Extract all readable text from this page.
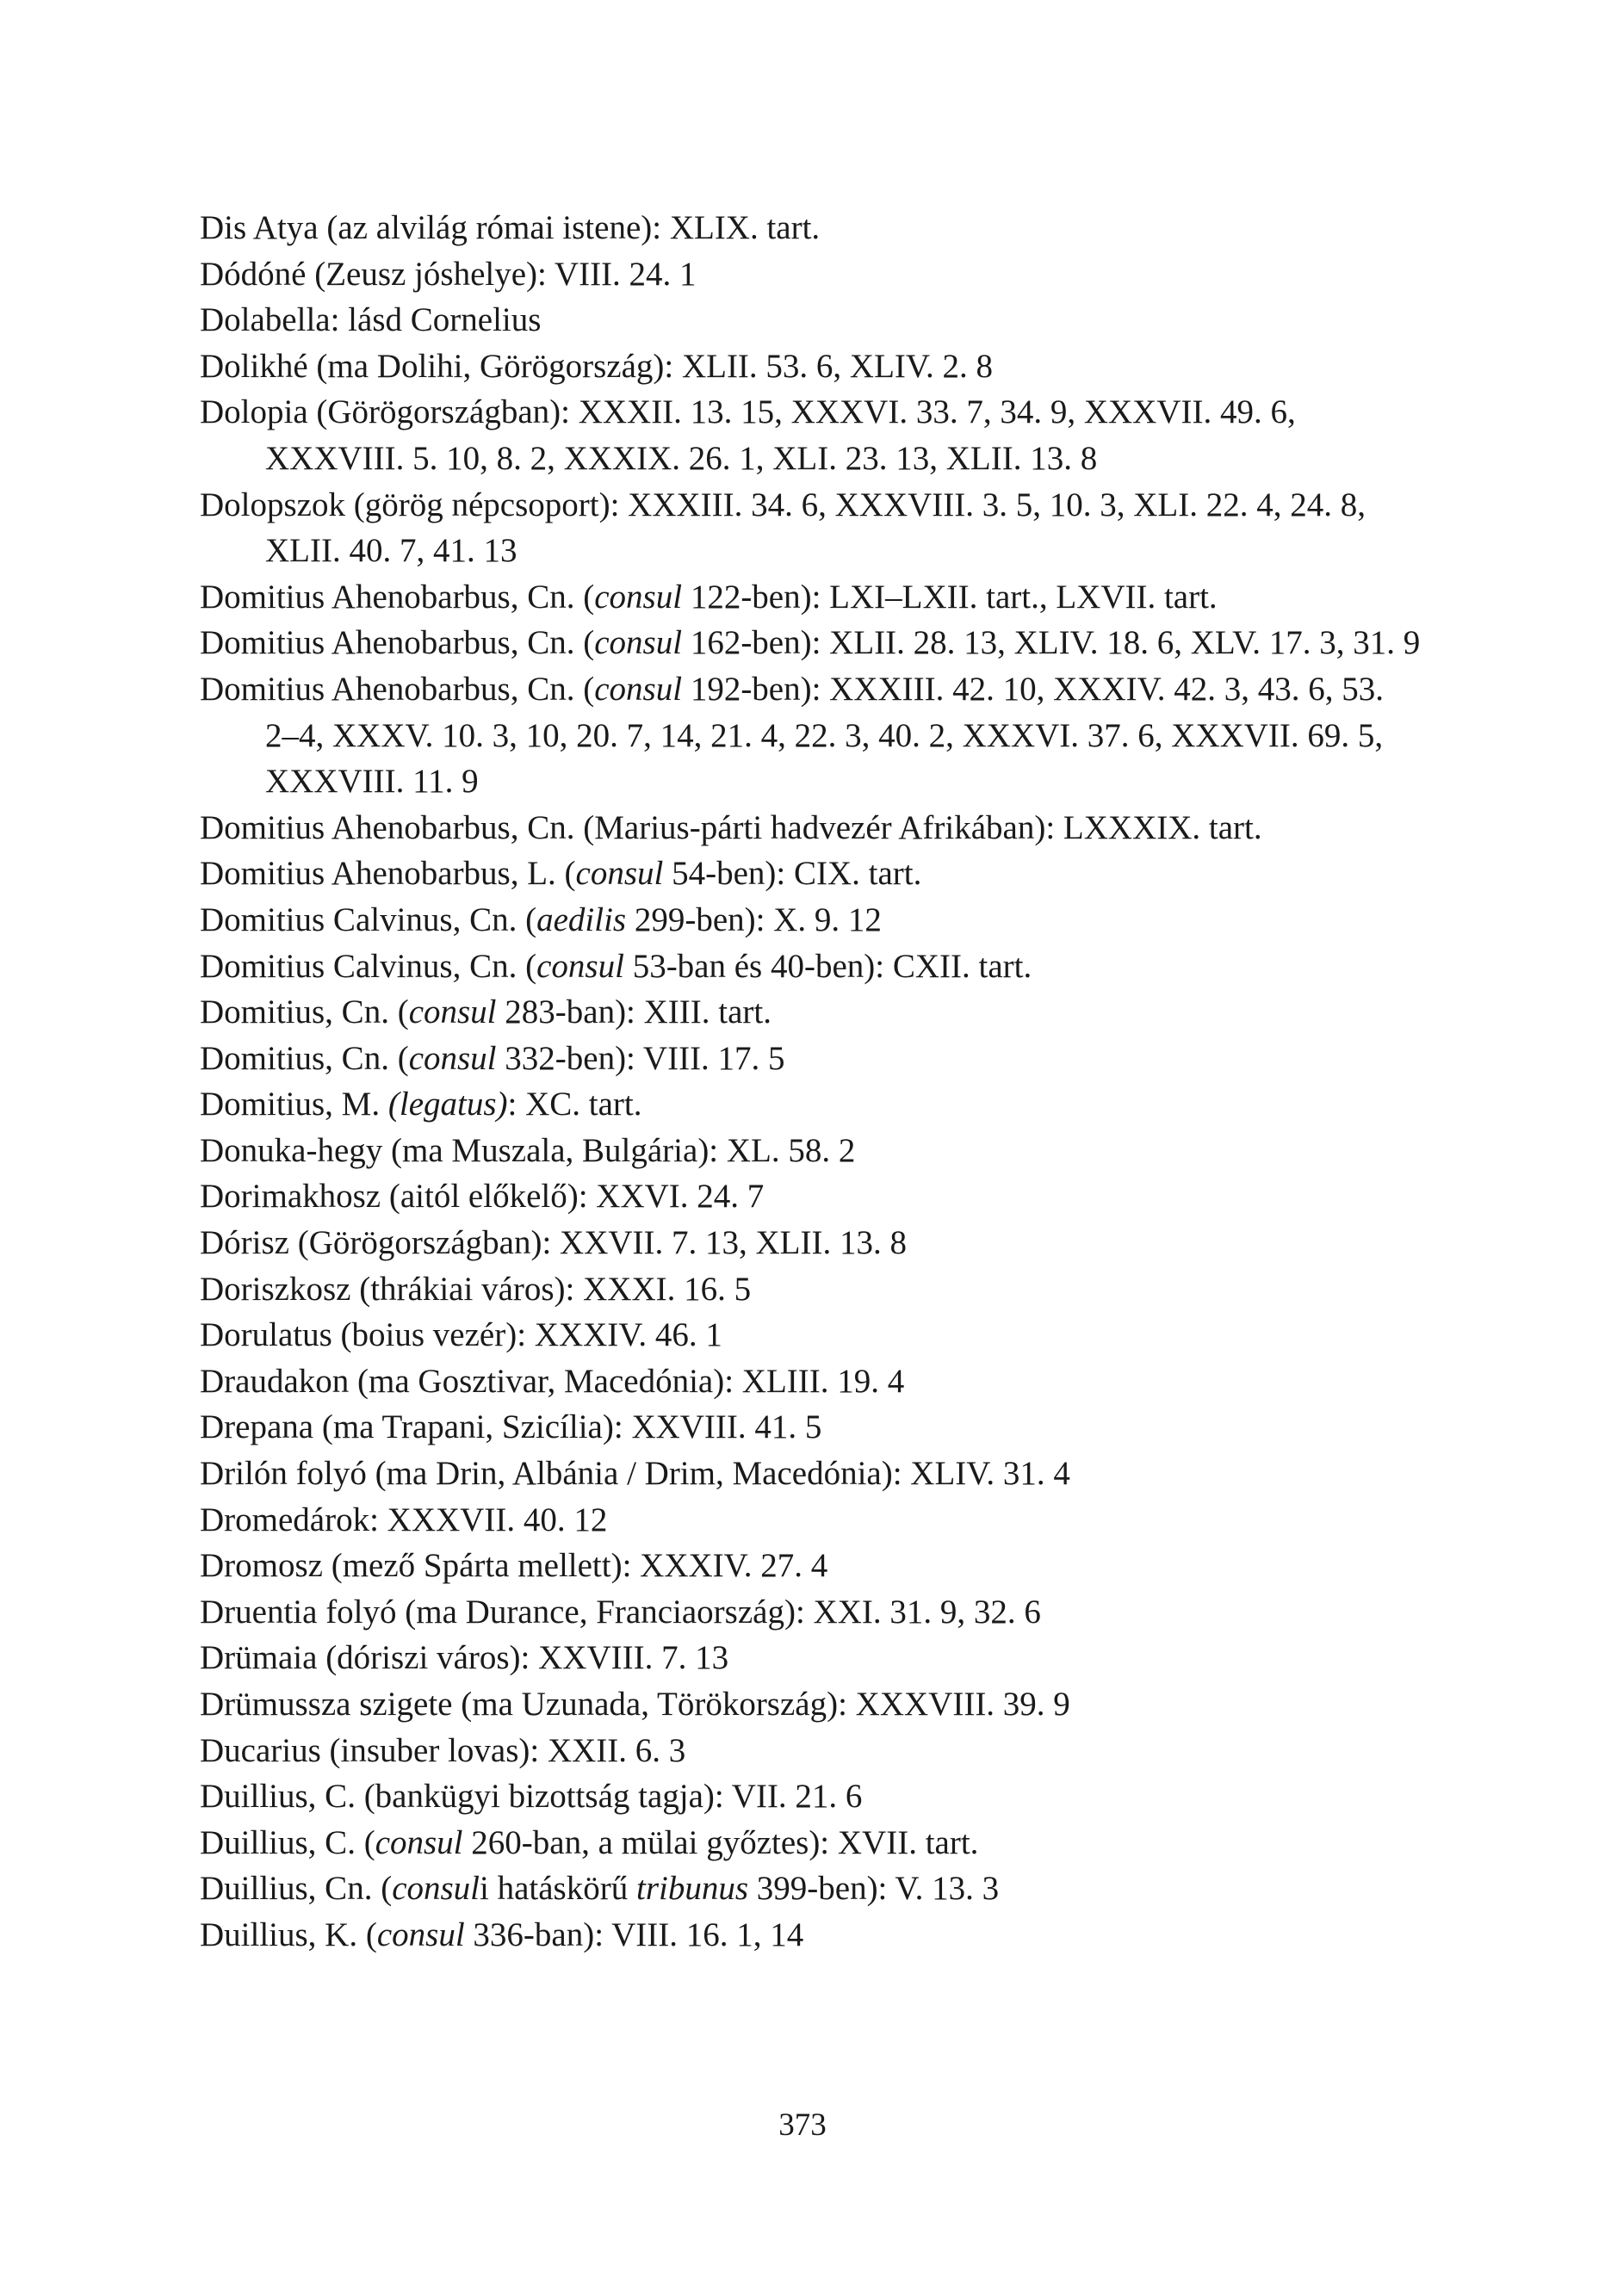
Dis Atya (az alvilág római istene): XLIX. tart.
Dódóné (Zeusz jóshelye): VIII. 24. 1
Dolabella: lásd Cornelius
Dolikhé (ma Dolihi, Görögország): XLII. 53. 6, XLIV. 2. 8
Dolopia (Görögországban): XXXII. 13. 15, XXXVI. 33. 7, 34. 9, XXXVII. 49. 6, XXXVIII. 5. 10, 8. 2, XXXIX. 26. 1, XLI. 23. 13, XLII. 13. 8
Dolopszok (görög népcsoport): XXXIII. 34. 6, XXXVIII. 3. 5, 10. 3, XLI. 22. 4, 24. 8, XLII. 40. 7, 41. 13
Domitius Ahenobarbus, Cn. (consul 122-ben): LXI–LXII. tart., LXVII. tart.
Domitius Ahenobarbus, Cn. (consul 162-ben): XLII. 28. 13, XLIV. 18. 6, XLV. 17. 3, 31. 9
Domitius Ahenobarbus, Cn. (consul 192-ben): XXXIII. 42. 10, XXXIV. 42. 3, 43. 6, 53. 2–4, XXXV. 10. 3, 10, 20. 7, 14, 21. 4, 22. 3, 40. 2, XXXVI. 37. 6, XXXVII. 69. 5, XXXVIII. 11. 9
Domitius Ahenobarbus, Cn. (Marius-párti hadvezér Afrikában): LXXXIX. tart.
Domitius Ahenobarbus, L. (consul 54-ben): CIX. tart.
Domitius Calvinus, Cn. (aedilis 299-ben): X. 9. 12
Domitius Calvinus, Cn. (consul 53-ban és 40-ben): CXII. tart.
Domitius, Cn. (consul 283-ban): XIII. tart.
Domitius, Cn. (consul 332-ben): VIII. 17. 5
Domitius, M. (legatus): XC. tart.
Donuka-hegy (ma Muszala, Bulgária): XL. 58. 2
Dorimakhosz (aitól előkelő): XXVI. 24. 7
Dórisz (Görögországban): XXVII. 7. 13, XLII. 13. 8
Doriszkosz (thrákiai város): XXXI. 16. 5
Dorulatus (boius vezér): XXXIV. 46. 1
Draudakon (ma Gosztivar, Macedónia): XLIII. 19. 4
Drepana (ma Trapani, Szicília): XXVIII. 41. 5
Drilón folyó (ma Drin, Albánia / Drim, Macedónia): XLIV. 31. 4
Dromedárok: XXXVII. 40. 12
Dromosz (mező Spárta mellett): XXXIV. 27. 4
Druentia folyó (ma Durance, Franciaország): XXI. 31. 9, 32. 6
Drümaia (dóriszi város): XXVIII. 7. 13
Drümussza szigete (ma Uzunada, Törökország): XXXVIII. 39. 9
Ducarius (insuber lovas): XXII. 6. 3
Duillius, C. (bankügyi bizottság tagja): VII. 21. 6
Duillius, C. (consul 260-ban, a mülai győztes): XVII. tart.
Duillius, Cn. (consuli hatáskörű tribunus 399-ben): V. 13. 3
Duillius, K. (consul 336-ban): VIII. 16. 1, 14
373
